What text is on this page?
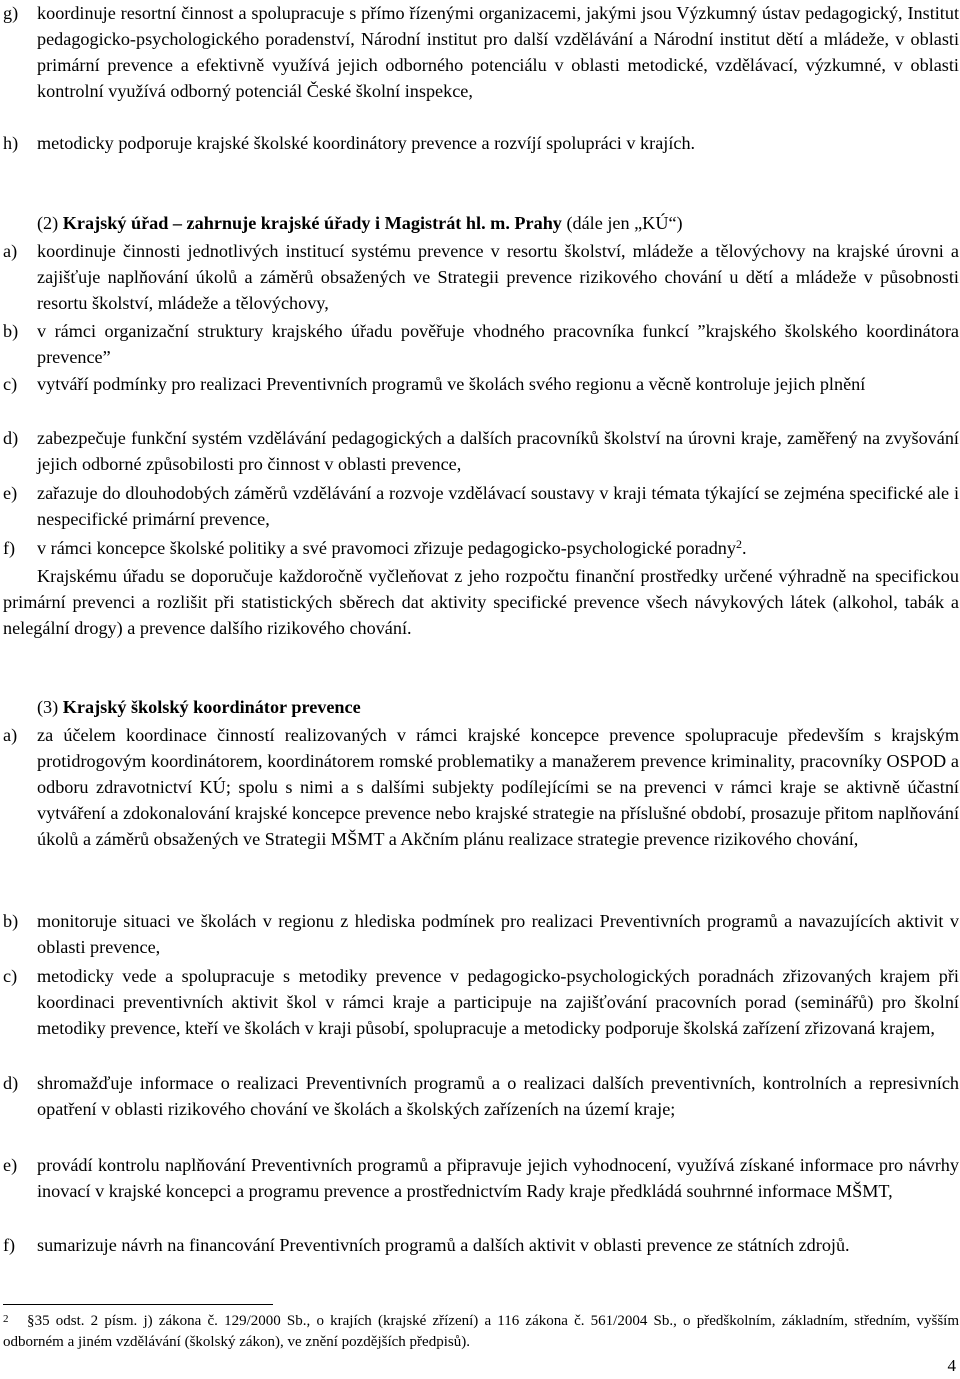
g) koordinuje resortní činnost a spolupracuje s přímo řízenými organizacemi, jakými jsou Výzkumný ústav pedagogický, Institut pedagogicko-psychologického poradenství, Národní institut pro další vzdělávání a Národní institut dětí a mládeže, v oblasti primární prevence a efektivně využívá jejich odborného potenciálu v oblasti metodické, vzdělávací, výzkumné, v oblasti kontrolní využívá odborný potenciál České školní inspekce,
h) metodicky podporuje krajské školské koordinátory prevence a rozvíjí spolupráci v krajích.
(2) Krajský úřad – zahrnuje krajské úřady i Magistrát hl. m. Prahy (dále jen „KÚ“)
a) koordinuje činnosti jednotlivých institucí systému prevence v resortu školství, mládeže a tělovýchovy na krajské úrovni a zajišťuje naplňování úkolů a záměrů obsažených ve Strategii prevence rizikového chování u dětí a mládeže v působnosti resortu školství, mládeže a tělovýchovy,
b) v rámci organizační struktury krajského úřadu pověřuje vhodného pracovníka funkcí ”krajského školského koordinátora prevence”
c) vytváří podmínky pro realizaci Preventivních programů ve školách svého regionu a věcně kontroluje jejich plnění
d) zabezpečuje funkční systém vzdělávání pedagogických a dalších pracovníků školství na úrovni kraje, zaměřený na zvyšování jejich odborné způsobilosti pro činnost v oblasti prevence,
e) zařazuje do dlouhodobých záměrů vzdělávání a rozvoje vzdělávací soustavy v kraji témata týkající se zejména specifické ale i nespecifické primární prevence,
f) v rámci koncepce školské politiky a své pravomoci zřizuje pedagogicko-psychologické poradny$^2$.
Krajskému úřadu se doporučuje každoročně vyčleňovat z jeho rozpočtu finanční prostředky určené výhradně na specifickou primární prevenci a rozlišit při statistických sběrech dat aktivity specifické prevence všech návykových látek (alkohol, tabák a nelegální drogy) a prevence dalšího rizikového chování.
(3) Krajský školský koordinátor prevence
a) za účelem koordinace činností realizovaných v rámci krajské koncepce prevence spolupracuje především s krajským protidrogovým koordinátorem, koordinátorem romské problematiky a manažerem prevence kriminality, pracovníky OSPOD a odboru zdravotnictví KÚ; spolu s nimi a s dalšími subjekty podílejícími se na prevenci v rámci kraje se aktivně účastní vytváření a zdokonalování krajské koncepce prevence nebo krajské strategie na příslušné období, prosazuje přitom naplňování úkolů a záměrů obsažených ve Strategii MŠMT a Akčním plánu realizace strategie prevence rizikového chování,
b) monitoruje situaci ve školách v regionu z hlediska podmínek pro realizaci Preventivních programů a navazujících aktivit v oblasti prevence,
c) metodicky vede a spolupracuje s metodiky prevence v pedagogicko-psychologických poradnách zřizovaných krajem při koordinaci preventivních aktivit škol v rámci kraje a participuje na zajišťování pracovních porad (seminářů) pro školní metodiky prevence, kteří ve školách v kraji působí, spolupracuje a metodicky podporuje školská zařízení zřizovaná krajem,
d) shromažďuje informace o realizaci Preventivních programů a o realizaci dalších preventivních, kontrolních a represivních opatření v oblasti rizikového chování ve školách a školských zařízeních na území kraje;
e) provádí kontrolu naplňování Preventivních programů a připravuje jejich vyhodnocení, využívá získané informace pro návrhy inovací v krajské koncepci a programu prevence a prostřednictvím Rady kraje předkládá souhrnné informace MŠMT,
f) sumarizuje návrh na financování Preventivních programů a dalších aktivit v oblasti prevence ze státních zdrojů.
$^2$   §35 odst. 2 písm. j) zákona č. 129/2000 Sb., o krajích (krajské zřízení) a 116 zákona č. 561/2004 Sb., o předškolním, základním, středním, vyšším odborném a jiném vzdělávání (školský zákon), ve znění pozdějších předpisů).
4
